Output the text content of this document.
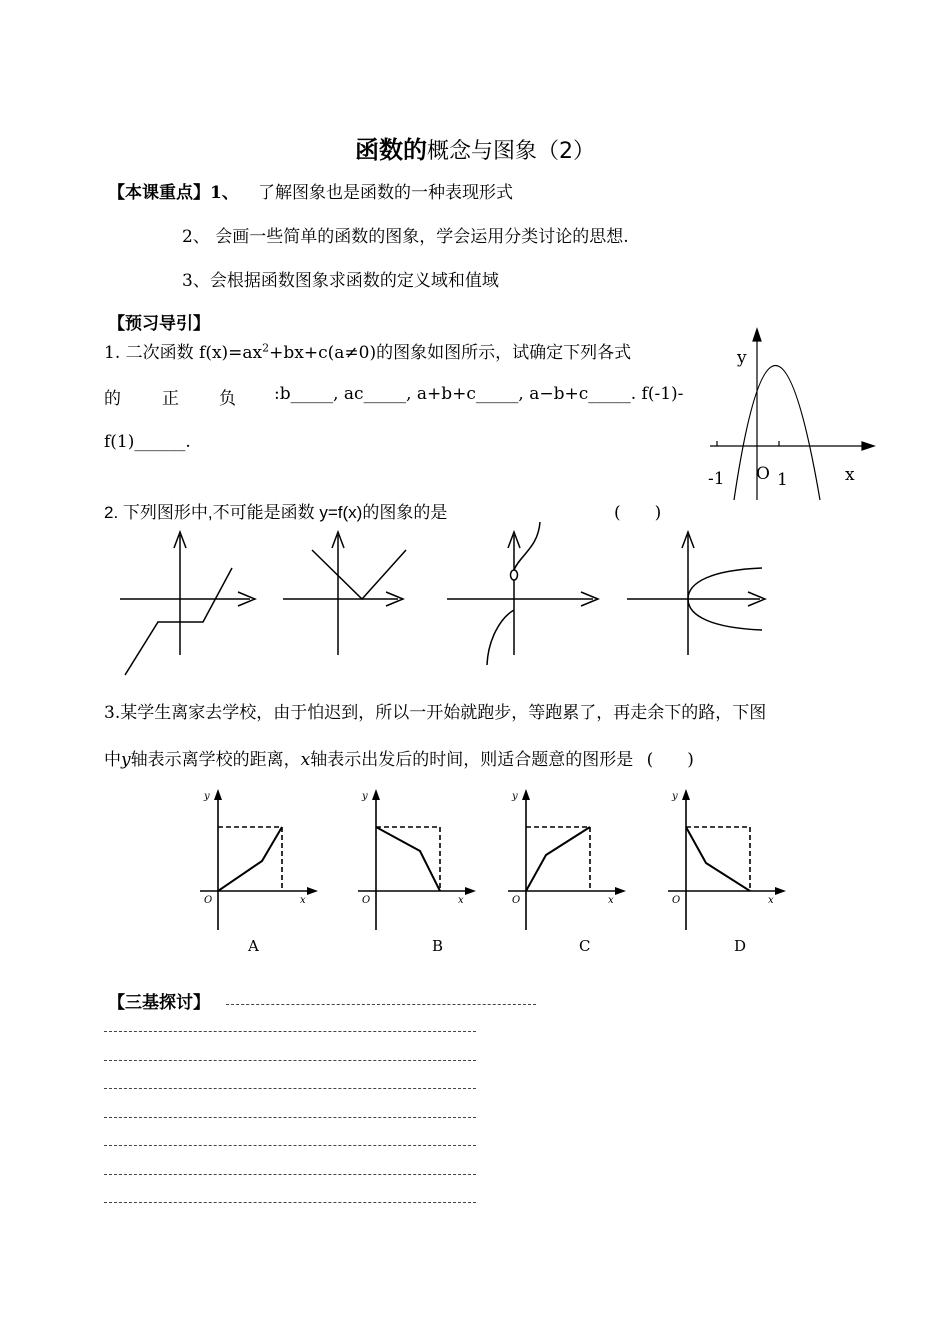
函数的概念与图象（2）
【本课重点】1、 了解图象也是函数的一种表现形式
2、 会画一些简单的函数的图象，学会运用分类讨论的思想.
3、会根据函数图象求函数的定义域和值域
【预习导引】
1. 二次函数 $f(x)=ax^2+bx+c(a\ne 0)$的图象如图所示，试确定下列各式
的 正 负 :b_____, ac_____, a+b+c_____, a−b+c_____. f(-1)-
f(1)______.
y
x
O
-1	1
2. 下列图形中,不可能是函数 y=f(x)的图象的是	(　　)
3.某学生离家去学校，由于怕迟到，所以一开始就跑步，等跑累了，再走余下的路，下图
中y轴表示离学校的距离，x轴表示出发后的时间，则适合题意的图形是 (　　)
y
x
O
y
x
O
y
x
O
y
x
O
A	B	C	D
【三基探讨】
